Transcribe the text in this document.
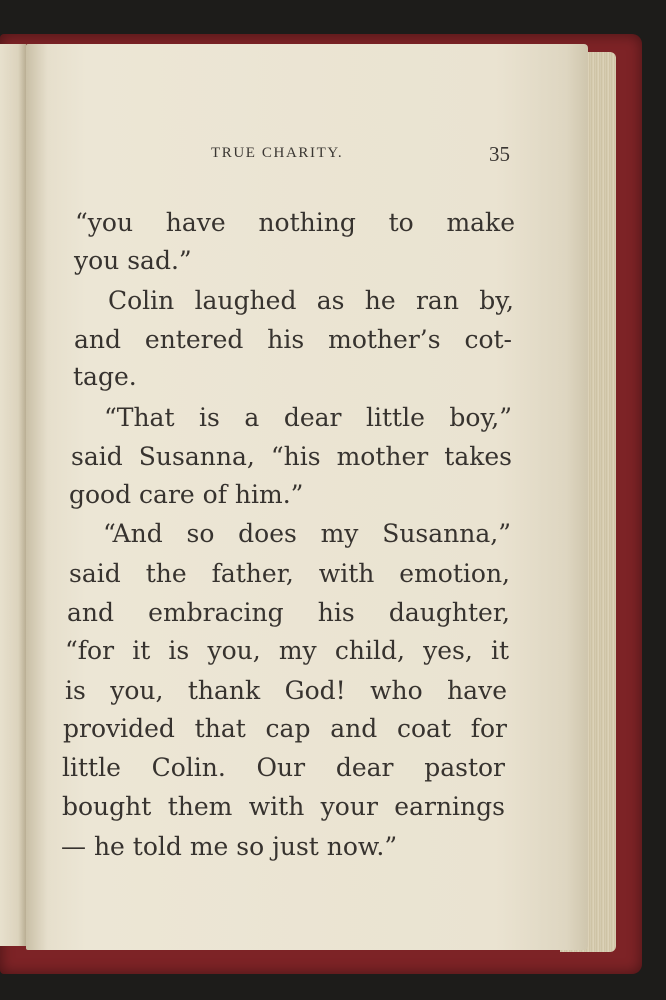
TRUE CHARITY.	35
“you have nothing to make
you sad.”
Colin laughed as he ran by,
and entered his mother’s cot-
tage.
“That is a dear little boy,”
said Susanna, “his mother takes
good care of him.”
“And so does my Susanna,”
said the father, with emotion,
and embracing his daughter,
“for it is you, my child, yes, it
is you, thank God! who have
provided that cap and coat for
little Colin. Our dear pastor
bought them with your earnings
— he told me so just now.”
